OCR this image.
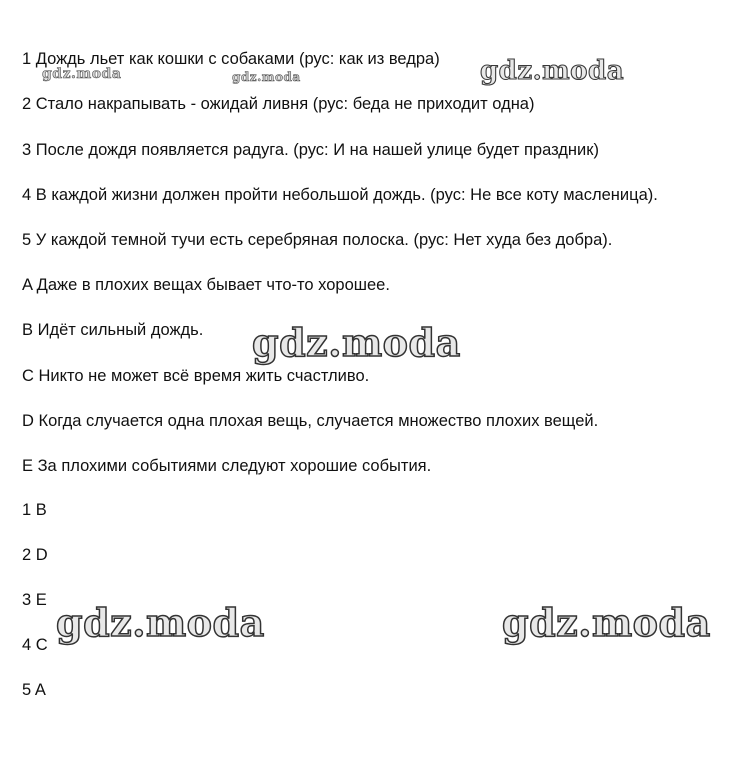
1 Дождь льет как кошки с собаками (рус: как из ведра)
2 Стало накрапывать - ожидай ливня (рус: беда не приходит одна)
3 После дождя появляется радуга. (рус: И на нашей улице будет праздник)
4 В каждой жизни должен пройти небольшой дождь. (рус: Не все коту масленица).
5 У каждой темной тучи есть серебряная полоска. (рус: Нет худа без добра).
A Даже в плохих вещах бывает что-то хорошее.
B Идёт сильный дождь.
C Никто не может всё время жить счастливо.
D Когда случается одна плохая вещь, случается множество плохих вещей.
E За плохими событиями следуют хорошие события.
1 B
2 D
3 E
4 C
5 A
gdz.moda	gdz.moda	gdz.moda
gdz.moda
gdz.moda	gdz.moda
